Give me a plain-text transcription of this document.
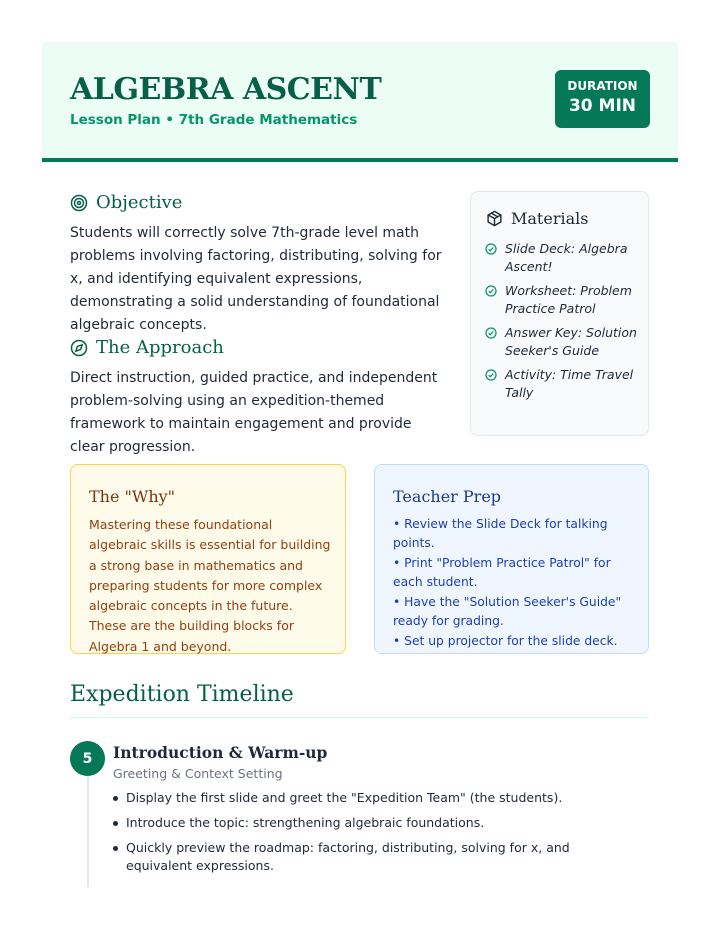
ALGEBRA ASCENT
Lesson Plan • 7th Grade Mathematics
DURATION
30 MIN
Objective
Students will correctly solve 7th-grade level math problems involving factoring, distributing, solving for x, and identifying equivalent expressions, demonstrating a solid understanding of foundational algebraic concepts.
The Approach
Direct instruction, guided practice, and independent problem-solving using an expedition-themed framework to maintain engagement and provide clear progression.
Materials
Slide Deck: Algebra Ascent!
Worksheet: Problem Practice Patrol
Answer Key: Solution Seeker's Guide
Activity: Time Travel Tally
The "Why"
Mastering these foundational algebraic skills is essential for building a strong base in mathematics and preparing students for more complex algebraic concepts in the future. These are the building blocks for Algebra 1 and beyond.
Teacher Prep
• Review the Slide Deck for talking points.
• Print "Problem Practice Patrol" for each student.
• Have the "Solution Seeker's Guide" ready for grading.
• Set up projector for the slide deck.
Expedition Timeline
5	Introduction & Warm-up
Greeting & Context Setting
Display the first slide and greet the "Expedition Team" (the students).
Introduce the topic: strengthening algebraic foundations.
Quickly preview the roadmap: factoring, distributing, solving for x, and equivalent expressions.
